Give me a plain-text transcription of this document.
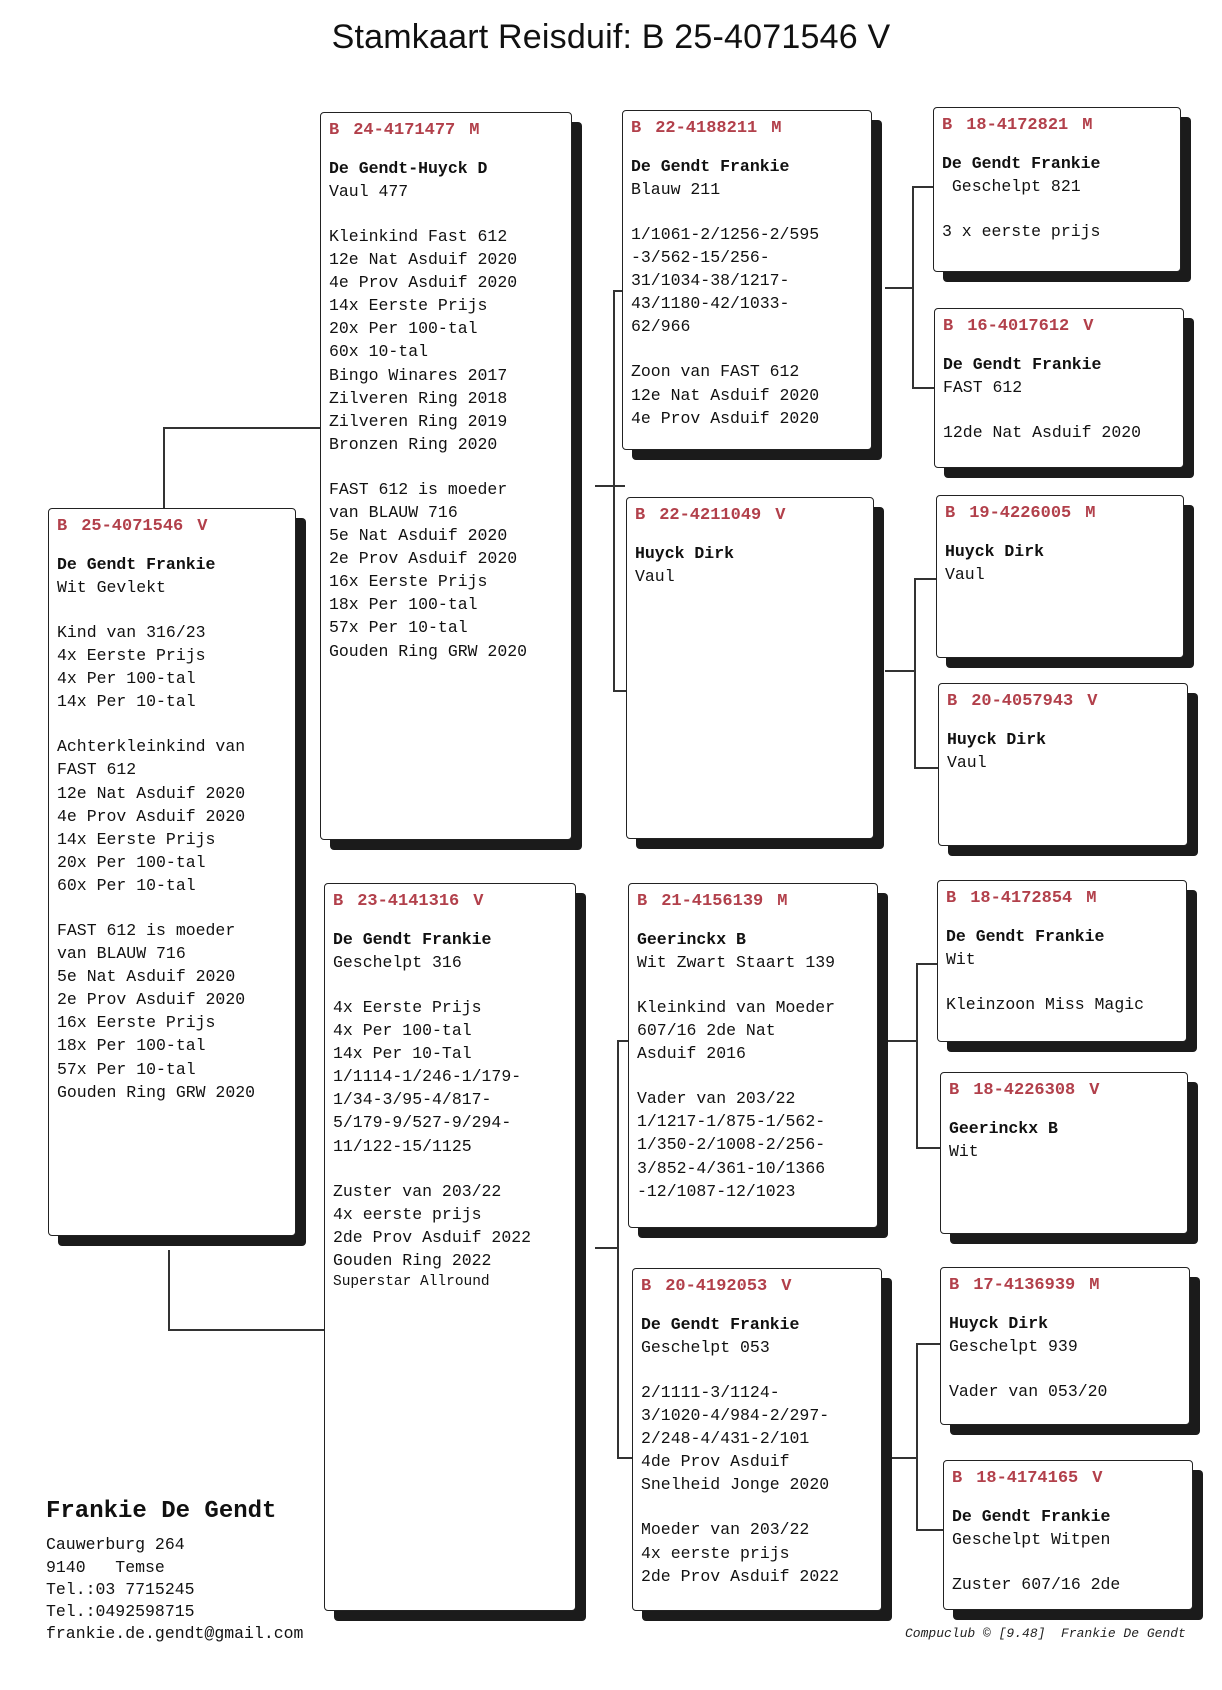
Stamkaart Reisduif: B 25-4071546 V
B 25-4071546 V
De Gendt Frankie
Wit Gevlekt
Kind van 316/23
4x Eerste Prijs
4x Per 100-tal
14x Per 10-tal
Achterkleinkind van
FAST 612
12e Nat Asduif 2020
4e Prov Asduif 2020
14x Eerste Prijs
20x Per 100-tal
60x Per 10-tal
FAST 612 is moeder
van BLAUW 716
5e Nat Asduif 2020
2e Prov Asduif 2020
16x Eerste Prijs
18x Per 100-tal
57x Per 10-tal
Gouden Ring GRW 2020
B 24-4171477 M
De Gendt-Huyck D
Vaul 477
Kleinkind Fast 612
12e Nat Asduif 2020
4e Prov Asduif 2020
14x Eerste Prijs
20x Per 100-tal
60x 10-tal
Bingo Winares 2017
Zilveren Ring 2018
Zilveren Ring 2019
Bronzen Ring 2020
FAST 612 is moeder
van BLAUW 716
5e Nat Asduif 2020
2e Prov Asduif 2020
16x Eerste Prijs
18x Per 100-tal
57x Per 10-tal
Gouden Ring GRW 2020
B 23-4141316 V
De Gendt Frankie
Geschelpt 316
4x Eerste Prijs
4x Per 100-tal
14x Per 10-Tal
1/1114-1/246-1/179-
1/34-3/95-4/817-
5/179-9/527-9/294-
11/122-15/1125
Zuster van 203/22
4x eerste prijs
2de Prov Asduif 2022
Gouden Ring 2022
Superstar Allround
B 22-4188211 M
De Gendt Frankie
Blauw 211
1/1061-2/1256-2/595
-3/562-15/256-
31/1034-38/1217-
43/1180-42/1033-
62/966
Zoon van FAST 612
12e Nat Asduif 2020
4e Prov Asduif 2020
B 22-4211049 V
Huyck Dirk
Vaul
B 21-4156139 M
Geerinckx B
Wit Zwart Staart 139
Kleinkind van Moeder
607/16 2de Nat
Asduif 2016
Vader van 203/22
1/1217-1/875-1/562-
1/350-2/1008-2/256-
3/852-4/361-10/1366
-12/1087-12/1023
B 20-4192053 V
De Gendt Frankie
Geschelpt 053
2/1111-3/1124-
3/1020-4/984-2/297-
2/248-4/431-2/101
4de Prov Asduif
Snelheid Jonge 2020
Moeder van 203/22
4x eerste prijs
2de Prov Asduif 2022
B 18-4172821 M
De Gendt Frankie
Geschelpt 821
3 x eerste prijs
B 16-4017612 V
De Gendt Frankie
FAST 612
12de Nat Asduif 2020
B 19-4226005 M
Huyck Dirk
Vaul
B 20-4057943 V
Huyck Dirk
Vaul
B 18-4172854 M
De Gendt Frankie
Wit
Kleinzoon Miss Magic
B 18-4226308 V
Geerinckx B
Wit
B 17-4136939 M
Huyck Dirk
Geschelpt 939
Vader van 053/20
B 18-4174165 V
De Gendt Frankie
Geschelpt Witpen
Zuster 607/16 2de
Frankie De Gendt
Cauwerburg 264
9140   Temse
Tel.:03 7715245
Tel.:0492598715
frankie.de.gendt@gmail.com	Compuclub © [9.48]  Frankie De Gendt
